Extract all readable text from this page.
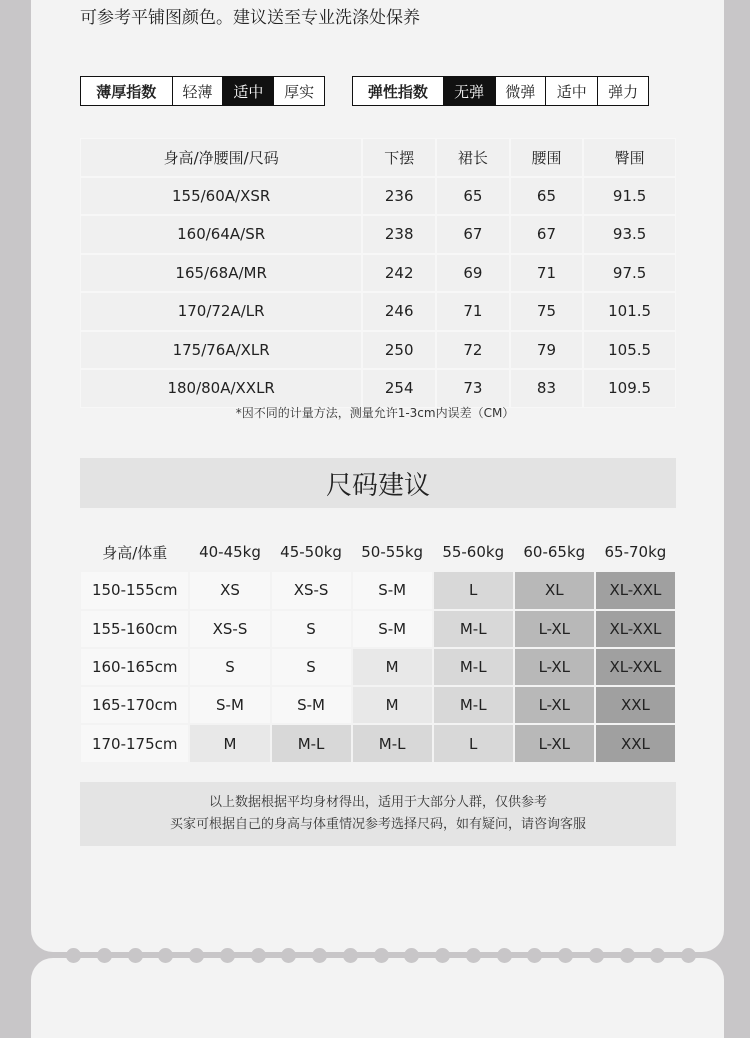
可参考平铺图颜色。建议送至专业洗涤处保养
薄厚指数	轻薄	适中	厚实	弹性指数	无弹	微弹	适中	弹力
身高/净腰围/尺码	下摆	裙长	腰围	臀围
155/60A/XSR	236	65	65	91.5
160/64A/SR	238	67	67	93.5
165/68A/MR	242	69	71	97.5
170/72A/LR	246	71	75	101.5
175/76A/XLR	250	72	79	105.5
180/80A/XXLR	254	73	83	109.5
*因不同的计量方法，测量允许1-3cm内误差（CM）
尺码建议
身高/体重	40-45kg	45-50kg	50-55kg	55-60kg	60-65kg	65-70kg
150-155cm	XS	XS-S	S-M	L	XL	XL-XXL
155-160cm	XS-S	S	S-M	M-L	L-XL	XL-XXL
160-165cm	S	S	M	M-L	L-XL	XL-XXL
165-170cm	S-M	S-M	M	M-L	L-XL	XXL
170-175cm	M	M-L	M-L	L	L-XL	XXL
以上数据根据平均身材得出，适用于大部分人群，仅供参考
买家可根据自己的身高与体重情况参考选择尺码，如有疑问，请咨询客服
